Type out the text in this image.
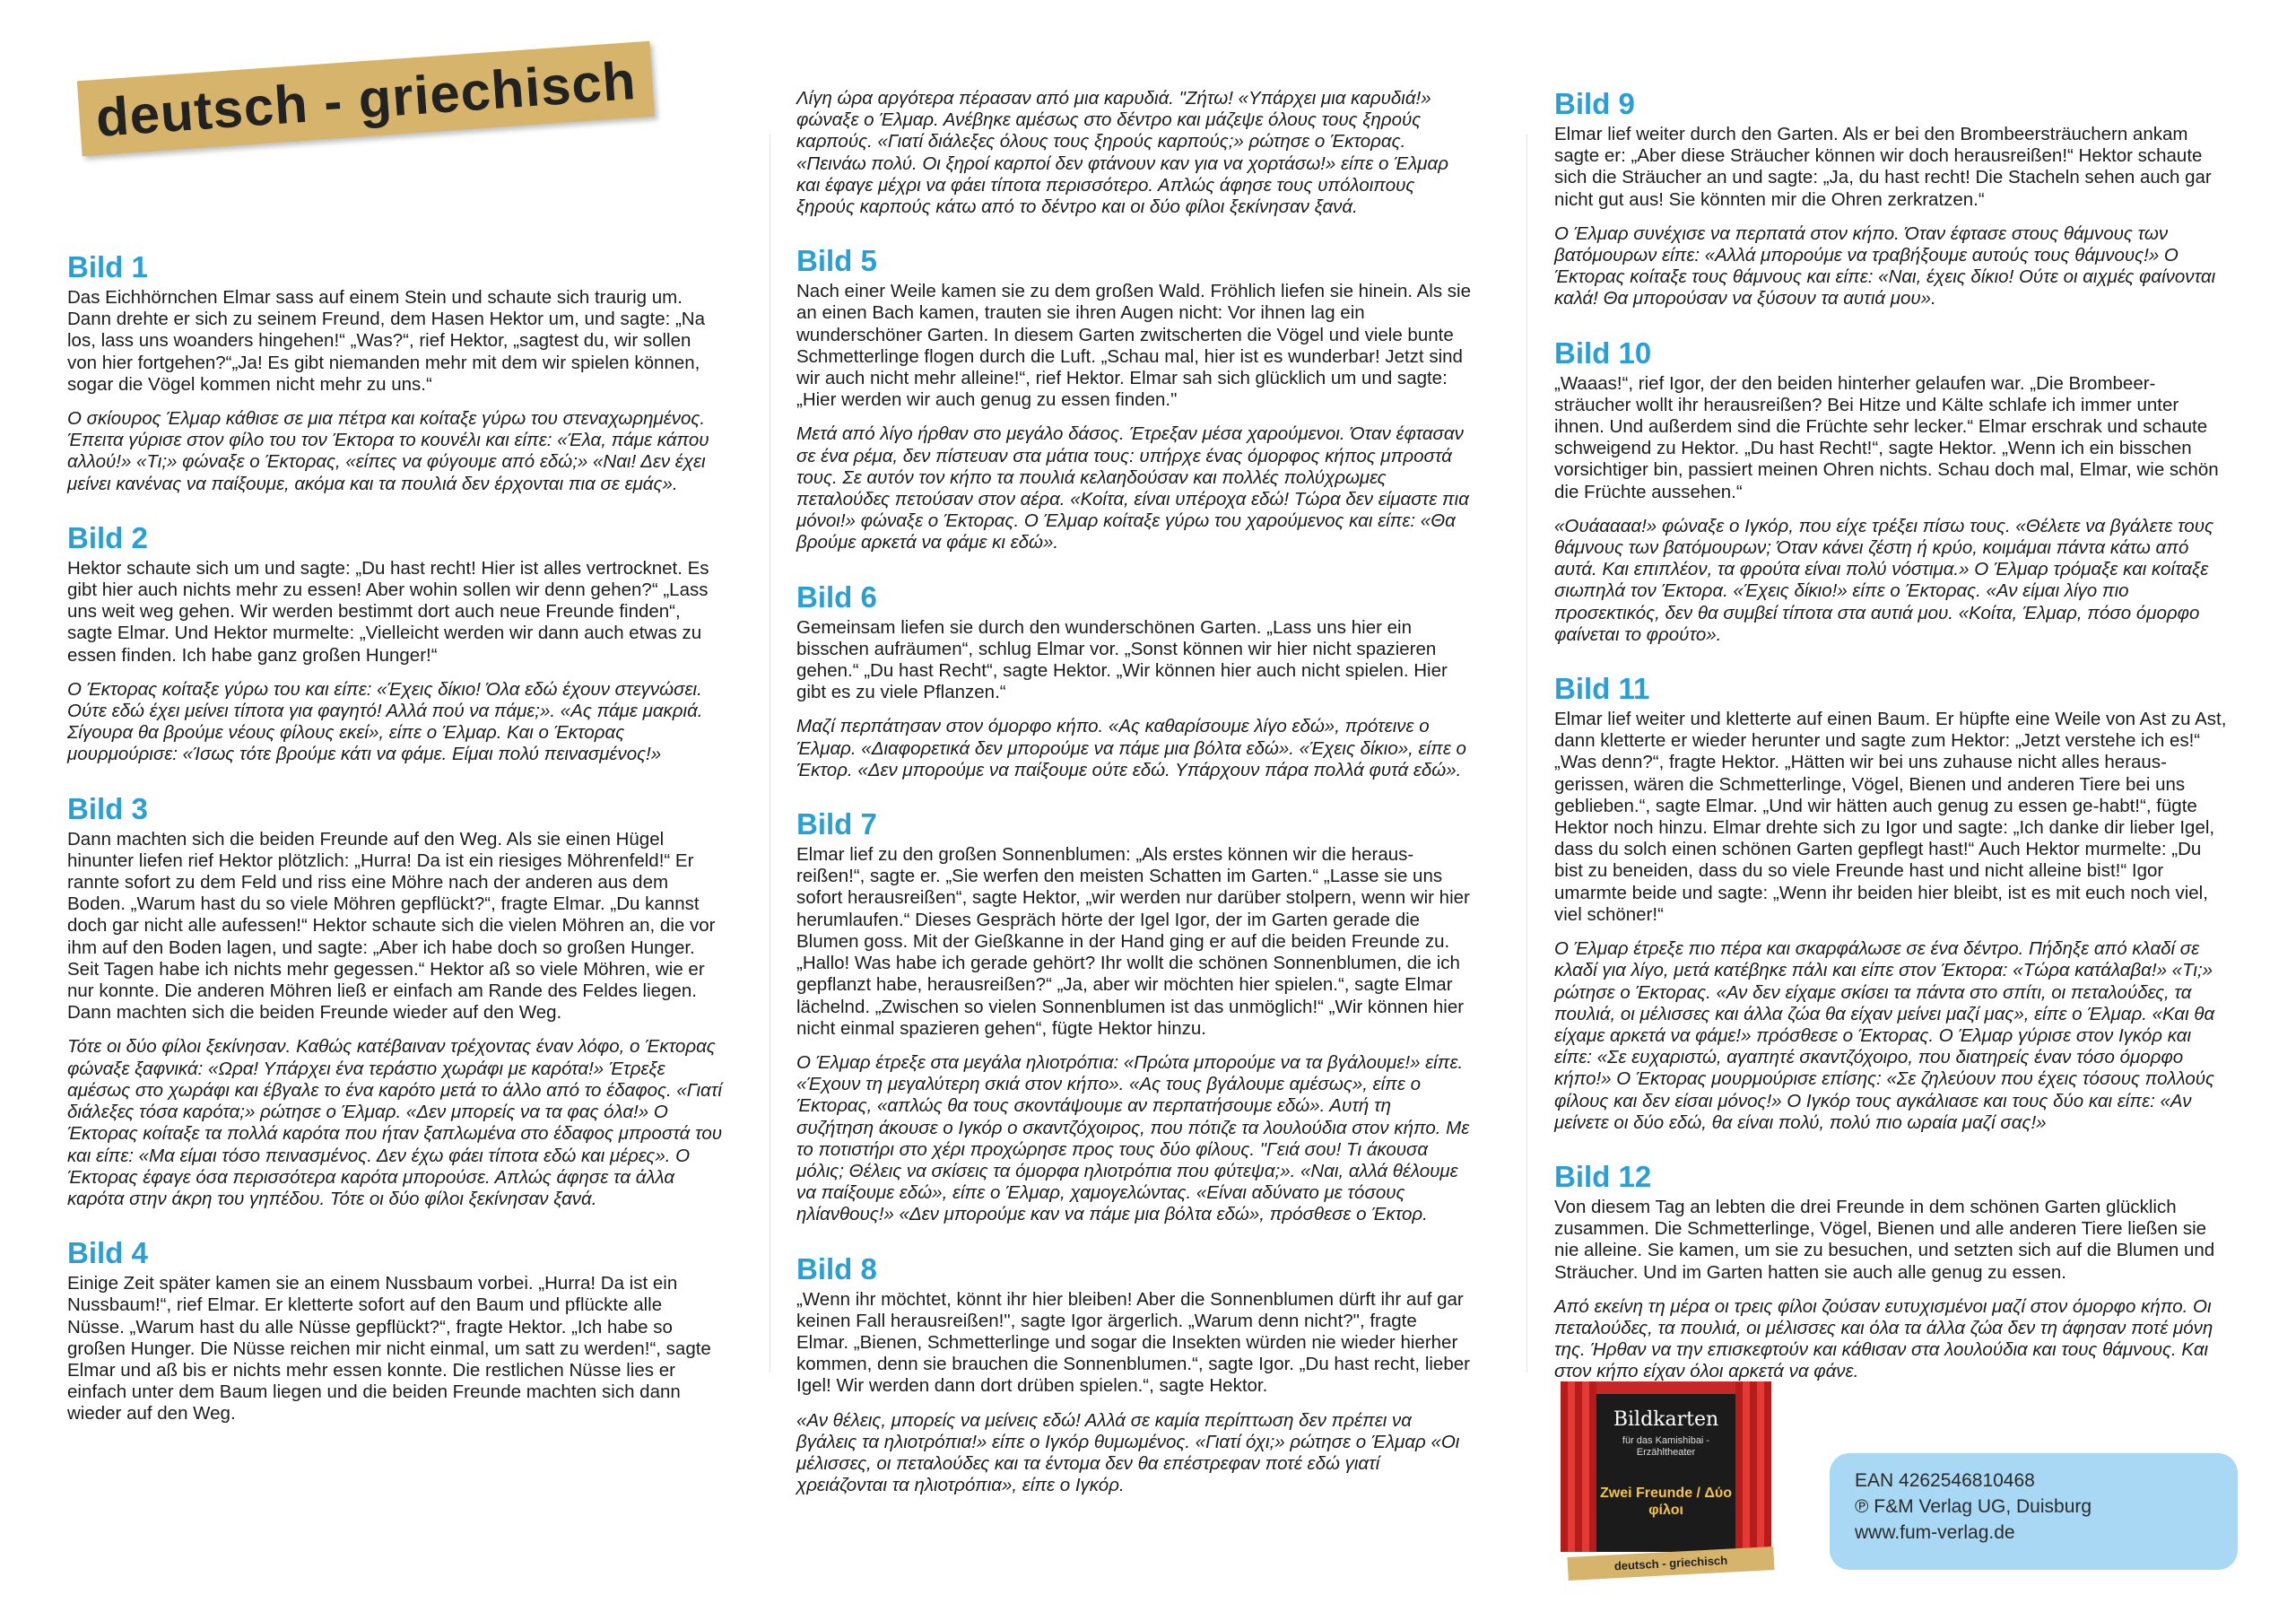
deutsch - griechisch
Bild 1

Das Eichhörnchen Elmar sass auf einem Stein und schaute sich traurig um. Dann drehte er sich zu seinem Freund, dem Hasen Hektor um, und sagte: „Na los, lass uns woanders hingehen!“ „Was?“, rief Hektor, „sagtest du, wir sollen von hier fortgehen?“„Ja! Es gibt niemanden mehr mit dem wir spielen können, sogar die Vögel kommen nicht mehr zu uns.“

Ο σκίουρος Έλμαρ κάθισε σε μια πέτρα και κοίταξε γύρω του στεναχωρημένος. Έπειτα γύρισε στον φίλο του τον Έκτορα το κουνέλι και είπε: «Έλα, πάμε κάπου αλλού!» «Τι;» φώναξε ο Έκτορας, «είπες να φύγουμε από εδώ;» «Ναι! Δεν έχει μείνει κανένας να παίξουμε, ακόμα και τα πουλιά δεν έρχονται πια σε εμάς».

Bild 2

Hektor schaute sich um und sagte: „Du hast recht! Hier ist alles vertrocknet. Es gibt hier auch nichts mehr zu essen! Aber wohin sollen wir denn gehen?“ „Lass uns weit weg gehen. Wir werden bestimmt dort auch neue Freunde finden“, sagte Elmar. Und Hektor murmelte: „Vielleicht werden wir dann auch etwas zu essen finden. Ich habe ganz großen Hunger!“

Ο Έκτορας κοίταξε γύρω του και είπε: «Έχεις δίκιο! Όλα εδώ έχουν στεγνώσει. Ούτε εδώ έχει μείνει τίποτα για φαγητό! Αλλά πού να πάμε;». «Ας πάμε μακριά. Σίγουρα θα βρούμε νέους φίλους εκεί», είπε ο Έλμαρ. Και ο Έκτορας μουρμούρισε: «Ίσως τότε βρούμε κάτι να φάμε. Είμαι πολύ πεινασμένος!»

Bild 3

Dann machten sich die beiden Freunde auf den Weg. Als sie einen Hügel hinunter liefen rief Hektor plötzlich: „Hurra! Da ist ein riesiges Möhrenfeld!“ Er rannte sofort zu dem Feld und riss eine Möhre nach der anderen aus dem Boden. „Warum hast du so viele Möhren gepflückt?“, fragte Elmar. „Du kannst doch gar nicht alle aufessen!“ Hektor schaute sich die vielen Möhren an, die vor ihm auf den Boden lagen, und sagte: „Aber ich habe doch so großen Hunger. Seit Tagen habe ich nichts mehr gegessen.“ Hektor aß so viele Möhren, wie er nur konnte. Die anderen Möhren ließ er einfach am Rande des Feldes liegen. Dann machten sich die beiden Freunde wieder auf den Weg.

Τότε οι δύο φίλοι ξεκίνησαν. Καθώς κατέβαιναν τρέχοντας έναν λόφο, ο Έκτορας φώναξε ξαφνικά: «Ωρα! Υπάρχει ένα τεράστιο χωράφι με καρότα!» Έτρεξε αμέσως στο χωράφι και έβγαλε το ένα καρότο μετά το άλλο από το έδαφος. «Γιατί διάλεξες τόσα καρότα;» ρώτησε ο Έλμαρ. «Δεν μπορείς να τα φας όλα!» Ο Έκτορας κοίταξε τα πολλά καρότα που ήταν ξαπλωμένα στο έδαφος μπροστά του και είπε: «Μα είμαι τόσο πεινασμένος. Δεν έχω φάει τίποτα εδώ και μέρες». Ο Έκτορας έφαγε όσα περισσότερα καρότα μπορούσε. Απλώς άφησε τα άλλα καρότα στην άκρη του γηπέδου. Τότε οι δύο φίλοι ξεκίνησαν ξανά.

Bild 4

Einige Zeit später kamen sie an einem Nussbaum vorbei. „Hurra! Da ist ein Nussbaum!“, rief Elmar. Er kletterte sofort auf den Baum und pflückte alle Nüsse. „Warum hast du alle Nüsse gepflückt?“, fragte Hektor. „Ich habe so großen Hunger. Die Nüsse reichen mir nicht einmal, um satt zu werden!“, sagte Elmar und aß bis er nichts mehr essen konnte. Die restlichen Nüsse lies er einfach unter dem Baum liegen und die beiden Freunde machten sich dann wieder auf den Weg.

Λίγη ώρα αργότερα πέρασαν από μια καρυδιά. "Ζήτω! «Υπάρχει μια καρυδιά!» φώναξε ο Έλμαρ. Ανέβηκε αμέσως στο δέντρο και μάζεψε όλους τους ξηρούς καρπούς. «Γιατί διάλεξες όλους τους ξηρούς καρπούς;» ρώτησε ο Έκτορας. «Πεινάω πολύ. Οι ξηροί καρποί δεν φτάνουν καν για να χορτάσω!» είπε ο Έλμαρ και έφαγε μέχρι να φάει τίποτα περισσότερο. Απλώς άφησε τους υπόλοιπους ξηρούς καρπούς κάτω από το δέντρο και οι δύο φίλοι ξεκίνησαν ξανά.

Bild 5

Nach einer Weile kamen sie zu dem großen Wald. Fröhlich liefen sie hinein. Als sie an einen Bach kamen, trauten sie ihren Augen nicht: Vor ihnen lag ein wunderschöner Garten. In diesem Garten zwitscherten die Vögel und viele bunte Schmetterlinge flogen durch die Luft. „Schau mal, hier ist es wunderbar! Jetzt sind wir auch nicht mehr alleine!“, rief Hektor. Elmar sah sich glücklich um und sagte: „Hier werden wir auch genug zu essen finden."

Μετά από λίγο ήρθαν στο μεγάλο δάσος. Έτρεξαν μέσα χαρούμενοι. Όταν έφτασαν σε ένα ρέμα, δεν πίστευαν στα μάτια τους: υπήρχε ένας όμορφος κήπος μπροστά τους. Σε αυτόν τον κήπο τα πουλιά κελαηδούσαν και πολλές πολύχρωμες πεταλούδες πετούσαν στον αέρα. «Κοίτα, είναι υπέροχα εδώ! Τώρα δεν είμαστε πια μόνοι!» φώναξε ο Έκτορας. Ο Έλμαρ κοίταξε γύρω του χαρούμενος και είπε: «Θα βρούμε αρκετά να φάμε κι εδώ».

Bild 6

Gemeinsam liefen sie durch den wunderschönen Garten. „Lass uns hier ein bisschen aufräumen“, schlug Elmar vor. „Sonst können wir hier nicht spazieren gehen.“ „Du hast Recht“, sagte Hektor. „Wir können hier auch nicht spielen. Hier gibt es zu viele Pflanzen.“

Μαζί περπάτησαν στον όμορφο κήπο. «Ας καθαρίσουμε λίγο εδώ», πρότεινε ο Έλμαρ. «Διαφορετικά δεν μπορούμε να πάμε μια βόλτα εδώ». «Έχεις δίκιο», είπε ο Έκτορ. «Δεν μπορούμε να παίξουμε ούτε εδώ. Υπάρχουν πάρα πολλά φυτά εδώ».

Bild 7

Elmar lief zu den großen Sonnenblumen: „Als erstes können wir die heraus-reißen!“, sagte er. „Sie werfen den meisten Schatten im Garten.“ „Lasse sie uns sofort herausreißen“, sagte Hektor, „wir werden nur darüber stolpern, wenn wir hier herumlaufen.“ Dieses Gespräch hörte der Igel Igor, der im Garten gerade die Blumen goss. Mit der Gießkanne in der Hand ging er auf die beiden Freunde zu. „Hallo! Was habe ich gerade gehört? Ihr wollt die schönen Sonnenblumen, die ich gepflanzt habe, herausreißen?“ „Ja, aber wir möchten hier spielen.“, sagte Elmar lächelnd. „Zwischen so vielen Sonnenblumen ist das unmöglich!“ „Wir können hier nicht einmal spazieren gehen“, fügte Hektor hinzu.

Ο Έλμαρ έτρεξε στα μεγάλα ηλιοτρόπια: «Πρώτα μπορούμε να τα βγάλουμε!» είπε. «Έχουν τη μεγαλύτερη σκιά στον κήπο». «Ας τους βγάλουμε αμέσως», είπε ο Έκτορας, «απλώς θα τους σκοντάψουμε αν περπατήσουμε εδώ». Αυτή τη συζήτηση άκουσε ο Ιγκόρ ο σκαντζόχοιρος, που πότιζε τα λουλούδια στον κήπο. Με το ποτιστήρι στο χέρι προχώρησε προς τους δύο φίλους. "Γειά σου! Τι άκουσα μόλις; Θέλεις να σκίσεις τα όμορφα ηλιοτρόπια που φύτεψα;». «Ναι, αλλά θέλουμε να παίξουμε εδώ», είπε ο Έλμαρ, χαμογελώντας. «Είναι αδύνατο με τόσους ηλίανθους!» «Δεν μπορούμε καν να πάμε μια βόλτα εδώ», πρόσθεσε ο Έκτορ.

Bild 8

„Wenn ihr möchtet, könnt ihr hier bleiben! Aber die Sonnenblumen dürft ihr auf gar keinen Fall herausreißen!", sagte Igor ärgerlich. „Warum denn nicht?", fragte Elmar. „Bienen, Schmetterlinge und sogar die Insekten würden nie wieder hierher kommen, denn sie brauchen die Sonnenblumen.“, sagte Igor. „Du hast recht, lieber Igel! Wir werden dann dort drüben spielen.“, sagte Hektor.

«Αν θέλεις, μπορείς να μείνεις εδώ! Αλλά σε καμία περίπτωση δεν πρέπει να βγάλεις τα ηλιοτρόπια!» είπε ο Ιγκόρ θυμωμένος. «Γιατί όχι;» ρώτησε ο Έλμαρ «Οι μέλισσες, οι πεταλούδες και τα έντομα δεν θα επέστρεφαν ποτέ εδώ γιατί χρειάζονται τα ηλιοτρόπια», είπε ο Ιγκόρ.

Bild 9

Elmar lief weiter durch den Garten. Als er bei den Brombeersträuchern ankam sagte er: „Aber diese Sträucher können wir doch herausreißen!“ Hektor schaute sich die Sträucher an und sagte: „Ja, du hast recht! Die Stacheln sehen auch gar nicht gut aus! Sie könnten mir die Ohren zerkratzen.“

Ο Έλμαρ συνέχισε να περπατά στον κήπο. Όταν έφτασε στους θάμνους των βατόμουρων είπε: «Αλλά μπορούμε να τραβήξουμε αυτούς τους θάμνους!» Ο Έκτορας κοίταξε τους θάμνους και είπε: «Ναι, έχεις δίκιο! Ούτε οι αιχμές φαίνονται καλά! Θα μπορούσαν να ξύσουν τα αυτιά μου».

Bild 10

„Waaas!“, rief Igor, der den beiden hinterher gelaufen war. „Die Brombeer-sträucher wollt ihr herausreißen? Bei Hitze und Kälte schlafe ich immer unter ihnen. Und außerdem sind die Früchte sehr lecker.“ Elmar erschrak und schaute schweigend zu Hektor. „Du hast Recht!“, sagte Hektor. „Wenn ich ein bisschen vorsichtiger bin, passiert meinen Ohren nichts. Schau doch mal, Elmar, wie schön die Früchte aussehen.“

«Ουάαααα!» φώναξε ο Ιγκόρ, που είχε τρέξει πίσω τους. «Θέλετε να βγάλετε τους θάμνους των βατόμουρων; Όταν κάνει ζέστη ή κρύο, κοιμάμαι πάντα κάτω από αυτά. Και επιπλέον, τα φρούτα είναι πολύ νόστιμα.» Ο Έλμαρ τρόμαξε και κοίταξε σιωπηλά τον Έκτορα. «Έχεις δίκιο!» είπε ο Έκτορας. «Αν είμαι λίγο πιο προσεκτικός, δεν θα συμβεί τίποτα στα αυτιά μου. «Κοίτα, Έλμαρ, πόσο όμορφο φαίνεται το φρούτο».

Bild 11

Elmar lief weiter und kletterte auf einen Baum. Er hüpfte eine Weile von Ast zu Ast, dann kletterte er wieder herunter und sagte zum Hektor: „Jetzt verstehe ich es!“ „Was denn?“, fragte Hektor. „Hätten wir bei uns zuhause nicht alles heraus-gerissen, wären die Schmetterlinge, Vögel, Bienen und anderen Tiere bei uns geblieben.“, sagte Elmar. „Und wir hätten auch genug zu essen ge-habt!“, fügte Hektor noch hinzu. Elmar drehte sich zu Igor und sagte: „Ich danke dir lieber Igel, dass du solch einen schönen Garten gepflegt hast!“ Auch Hektor murmelte: „Du bist zu beneiden, dass du so viele Freunde hast und nicht alleine bist!“ Igor umarmte beide und sagte: „Wenn ihr beiden hier bleibt, ist es mit euch noch viel, viel schöner!“

Ο Έλμαρ έτρεξε πιο πέρα και σκαρφάλωσε σε ένα δέντρο. Πήδηξε από κλαδί σε κλαδί για λίγο, μετά κατέβηκε πάλι και είπε στον Έκτορα: «Τώρα κατάλαβα!» «Τι;» ρώτησε ο Έκτορας. «Αν δεν είχαμε σκίσει τα πάντα στο σπίτι, οι πεταλούδες, τα πουλιά, οι μέλισσες και άλλα ζώα θα είχαν μείνει μαζί μας», είπε ο Έλμαρ. «Και θα είχαμε αρκετά να φάμε!» πρόσθεσε ο Έκτορας. Ο Έλμαρ γύρισε στον Ιγκόρ και είπε: «Σε ευχαριστώ, αγαπητέ σκαντζόχοιρο, που διατηρείς έναν τόσο όμορφο κήπο!» Ο Έκτορας μουρμούρισε επίσης: «Σε ζηλεύουν που έχεις τόσους πολλούς φίλους και δεν είσαι μόνος!» Ο Ιγκόρ τους αγκάλιασε και τους δύο και είπε: «Αν μείνετε οι δύο εδώ, θα είναι πολύ, πολύ πιο ωραία μαζί σας!»

Bild 12

Von diesem Tag an lebten die drei Freunde in dem schönen Garten glücklich zusammen. Die Schmetterlinge, Vögel, Bienen und alle anderen Tiere ließen sie nie alleine. Sie kamen, um sie zu besuchen, und setzten sich auf die Blumen und Sträucher. Und im Garten hatten sie auch alle genug zu essen.

Από εκείνη τη μέρα οι τρεις φίλοι ζούσαν ευτυχισμένοι μαζί στον όμορφο κήπο. Οι πεταλούδες, τα πουλιά, οι μέλισσες και όλα τα άλλα ζώα δεν τη άφησαν ποτέ μόνη της. Ήρθαν να την επισκεφτούν και κάθισαν στα λουλούδια και τους θάμνους. Και στον κήπο είχαν όλοι αρκετά να φάνε.

Bildkarten
für das Kamishibai - Erzähltheater
Zwei Freunde / Δύο φίλοι
deutsch - griechisch
EAN 4262546810468
℗ F&M Verlag UG, Duisburg
www.fum-verlag.de
